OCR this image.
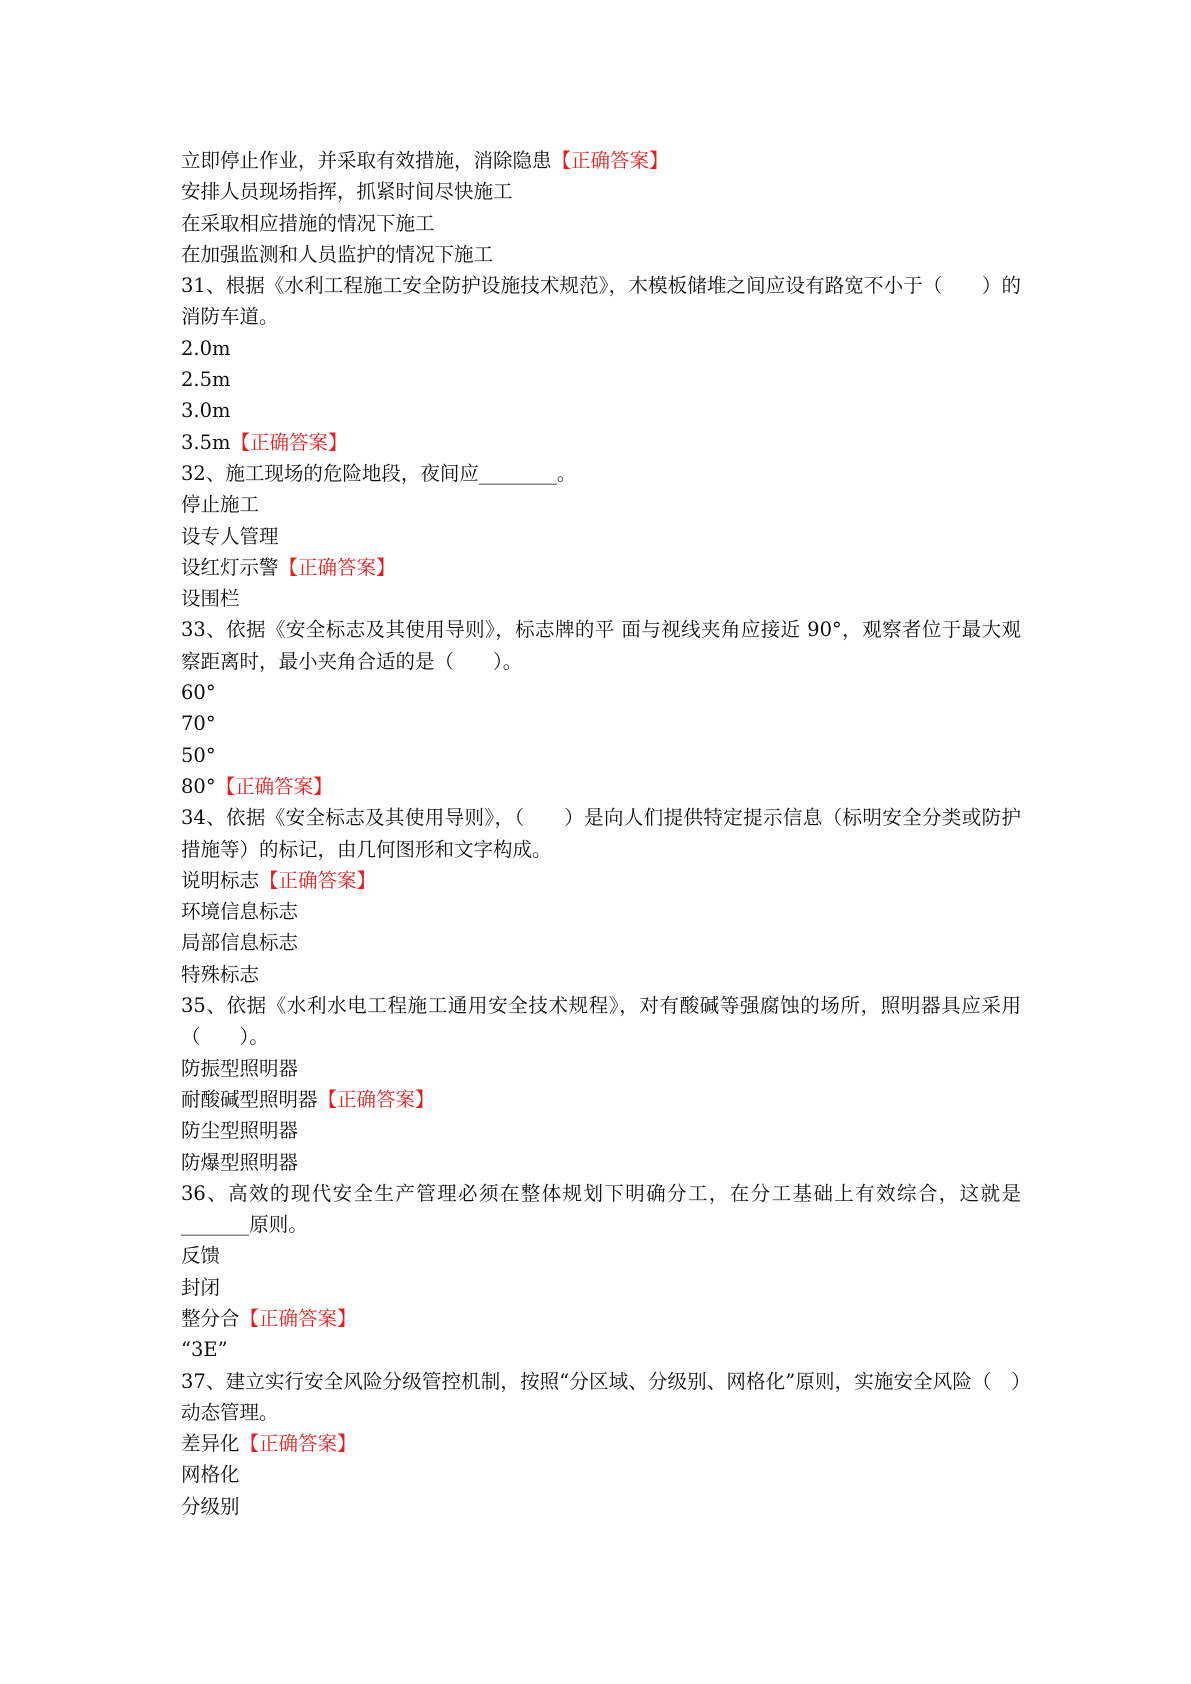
立即停止作业，并采取有效措施，消除隐患【正确答案】
安排人员现场指挥，抓紧时间尽快施工
在采取相应措施的情况下施工
在加强监测和人员监护的情况下施工
31、根据《水利工程施工安全防护设施技术规范》，木模板储堆之间应设有路宽不小于（　　）的消防车道。
2.0m
2.5m
3.0m
3.5m【正确答案】
32、施工现场的危险地段，夜间应________。
停止施工
设专人管理
设红灯示警【正确答案】
设围栏
33、依据《安全标志及其使用导则》，标志牌的平 面与视线夹角应接近 90°，观察者位于最大观 察距离时，最小夹角合适的是（　　）。
60°
70°
50°
80°【正确答案】
34、依据《安全标志及其使用导则》，（　　）是向人们提供特定提示信息（标明安全分类或防护措施等）的标记，由几何图形和文字构成。
说明标志【正确答案】
环境信息标志
局部信息标志
特殊标志
35、依据《水利水电工程施工通用安全技术规程》，对有酸碱等强腐蚀的场所，照明器具应采用（　　）。
防振型照明器
耐酸碱型照明器【正确答案】
防尘型照明器
防爆型照明器
36、高效的现代安全生产管理必须在整体规划下明确分工，在分工基础上有效综合，这就是_______原则。
反馈
封闭
整分合【正确答案】
“3E”
37、建立实行安全风险分级管控机制，按照“分区域、分级别、网格化”原则，实施安全风险（　）动态管理。
差异化【正确答案】
网格化
分级别
